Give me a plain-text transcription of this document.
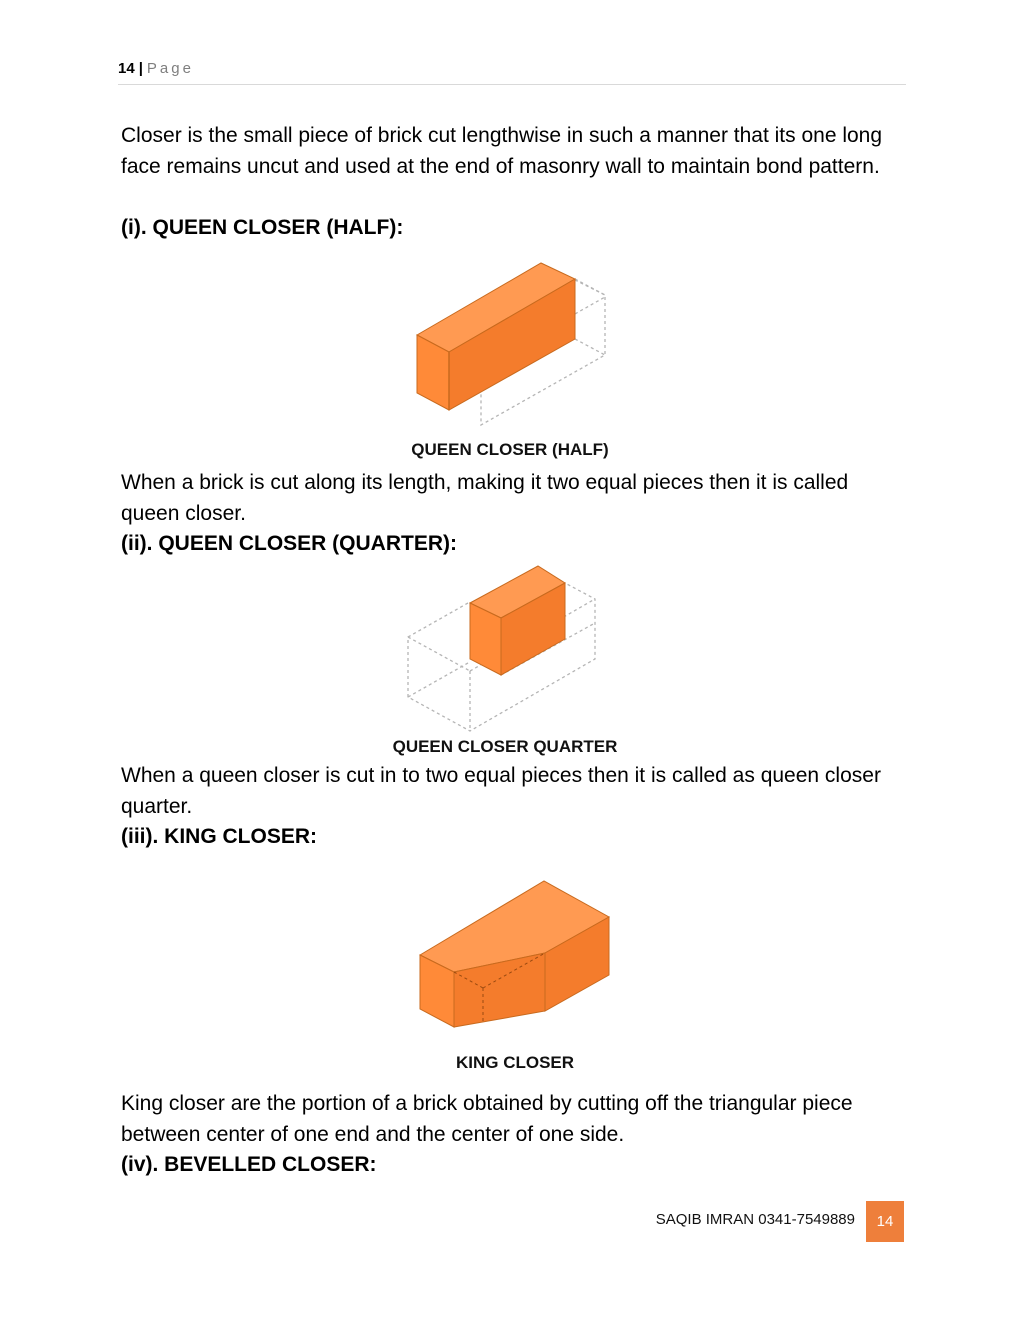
14 | Page

Closer is the small piece of brick cut lengthwise in such a manner that its one long face remains uncut and used at the end of masonry wall to maintain bond pattern.

(i). QUEEN CLOSER (HALF):

QUEEN CLOSER (HALF)

When a brick is cut along its length, making it two equal pieces then it is called queen closer.

(ii). QUEEN CLOSER (QUARTER):

QUEEN CLOSER QUARTER

When a queen closer is cut in to two equal pieces then it is called as queen closer quarter.

(iii). KING CLOSER:

KING CLOSER

King closer are the portion of a brick obtained by cutting off the triangular piece between center of one end and the center of one side.

(iv). BEVELLED CLOSER:

SAQIB IMRAN 0341-7549889	14
